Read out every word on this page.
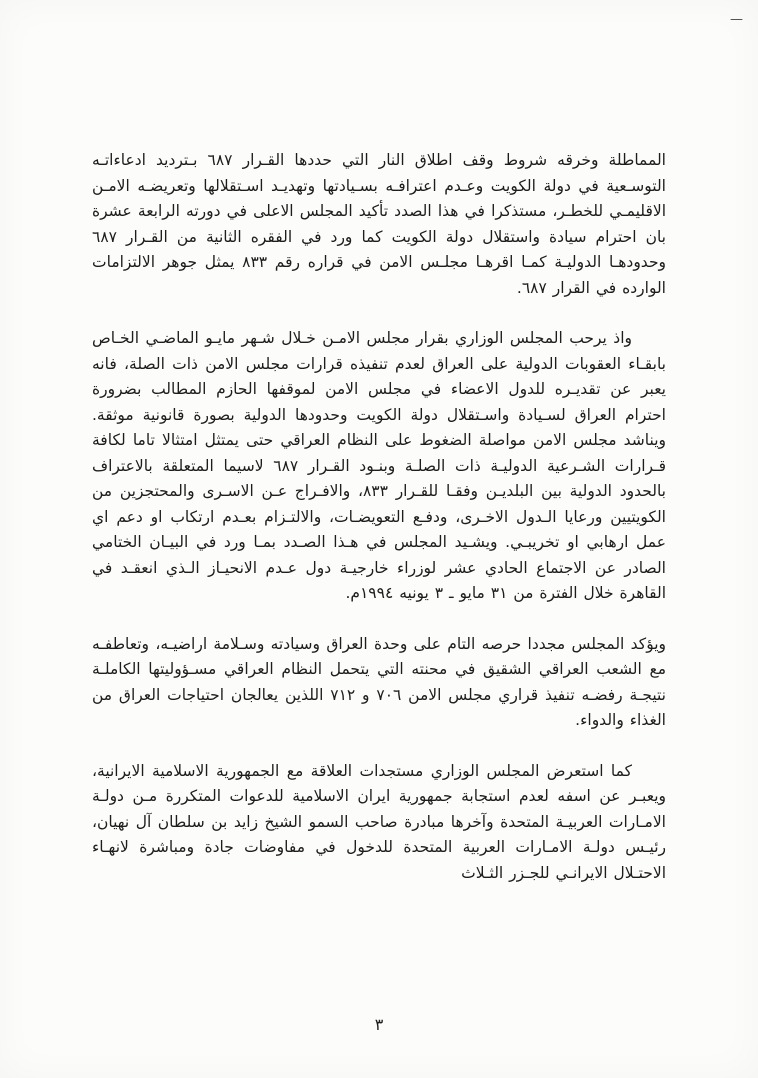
—

المماطلة وخرقه شروط وقف اطلاق النار التي حددها القـرار ٦٨٧ بـترديد ادعاءاتـه التوسـعية في دولة الكويت وعـدم اعترافـه بسـيادتها وتهديـد اسـتقلالها وتعريضـه الامـن الاقليمـي للخطـر، مستذكرا في هذا الصدد تأكيد المجلس الاعلى في دورته الرابعة عشرة بان احترام سيادة واستقلال دولة الكويت كما ورد في الفقره الثانية من القـرار ٦٨٧ وحدودهـا الدوليـة كمـا اقرهـا مجلـس الامن في قراره رقم ٨٣٣ يمثل جوهر الالتزامات الوارده في القرار ٦٨٧.

واذ يرحب المجلس الوزاري بقرار مجلس الامـن خـلال شـهر مايـو الماضـي الخـاص بابقـاء العقوبات الدولية على العراق لعدم تنفيذه قرارات مجلس الامن ذات الصلة، فانه يعبر عن تقديـره للدول الاعضاء في مجلس الامن لموقفها الحازم المطالب بضرورة احترام العراق لسـيادة واسـتقلال دولة الكويت وحدودها الدولية بصورة قانونية موثقة. ويناشد مجلس الامن مواصلة الضغوط على النظام العراقي حتى يمتثل امتثالا تاما لكافة قـرارات الشـرعية الدوليـة ذات الصلـة وبنـود القـرار ٦٨٧ لاسيما المتعلقة بالاعتراف بالحدود الدولية بين البلديـن وفقـا للقـرار ٨٣٣، والافـراج عـن الاسـرى والمحتجزين من الكويتيين ورعايا الـدول الاخـرى، ودفـع التعويضـات، والالتـزام بعـدم ارتكاب او دعم اي عمل ارهابي او تخريبـي. ويشـيد المجلس في هـذا الصـدد بمـا ورد في البيـان الختامي الصادر عن الاجتماع الحادي عشر لوزراء خارجيـة دول عـدم الانحيـاز الـذي انعقـد في القاهرة خلال الفترة من ٣١ مايو ـ ٣ يونيه ١٩٩٤م.

ويؤكد المجلس مجددا حرصه التام على وحدة العراق وسيادته وسـلامة اراضيـه، وتعاطفـه مع الشعب العراقي الشقيق في محنته التي يتحمل النظام العراقي مسـؤوليتها الكاملـة نتيجـة رفضـه تنفيذ قراري مجلس الامن ٧٠٦ و ٧١٢ اللذين يعالجان احتياجات العراق من الغذاء والدواء.

كما استعرض المجلس الوزاري مستجدات العلاقة مع الجمهورية الاسلامية الايرانية، ويعبـر عن اسفه لعدم استجابة جمهورية ايران الاسلامية للدعوات المتكررة مـن دولـة الامـارات العربيـة المتحدة وآخرها مبادرة صاحب السمو الشيخ زايد بن سلطان آل نهيان، رئيـس دولـة الامـارات العربية المتحدة للدخول في مفاوضات جادة ومباشرة لانهـاء الاحتـلال الايرانـي للجـزر الثـلاث

٣
